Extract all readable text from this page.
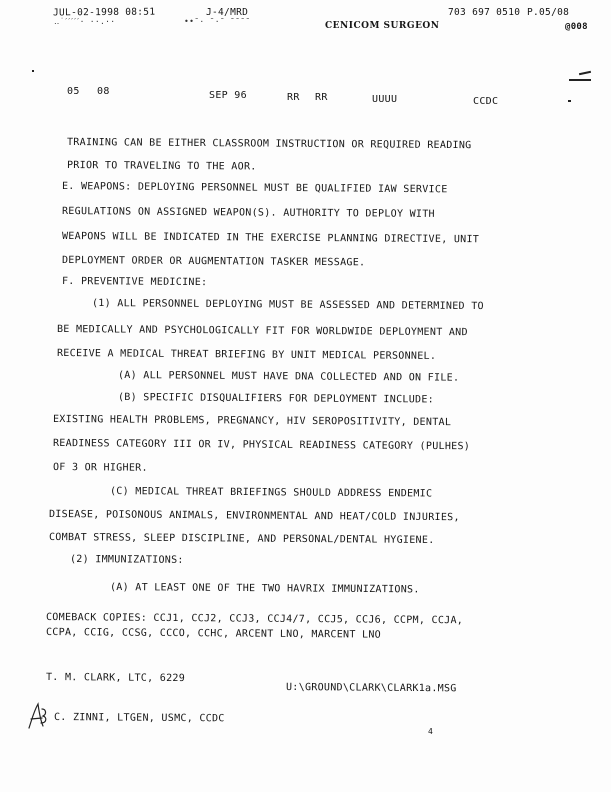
JUL-02-1998 08:51	J-4/MRD	703 697 0510 P.05/08
‥˙ˊˊˊˊˊ· ··.··	••ˉ· ˉ·ˉ ˉˉˉˉ	CENICOM SURGEON	@008
05 08	SEP 96	RR RR	UUUU	CCDC
TRAINING CAN BE EITHER CLASSROOM INSTRUCTION OR REQUIRED READING
PRIOR TO TRAVELING TO THE AOR.
E. WEAPONS: DEPLOYING PERSONNEL MUST BE QUALIFIED IAW SERVICE
REGULATIONS ON ASSIGNED WEAPON(S). AUTHORITY TO DEPLOY WITH
WEAPONS WILL BE INDICATED IN THE EXERCISE PLANNING DIRECTIVE, UNIT
DEPLOYMENT ORDER OR AUGMENTATION TASKER MESSAGE.
F. PREVENTIVE MEDICINE:
(1) ALL PERSONNEL DEPLOYING MUST BE ASSESSED AND DETERMINED TO
BE MEDICALLY AND PSYCHOLOGICALLY FIT FOR WORLDWIDE DEPLOYMENT AND
RECEIVE A MEDICAL THREAT BRIEFING BY UNIT MEDICAL PERSONNEL.
(A) ALL PERSONNEL MUST HAVE DNA COLLECTED AND ON FILE.
(B) SPECIFIC DISQUALIFIERS FOR DEPLOYMENT INCLUDE:
EXISTING HEALTH PROBLEMS, PREGNANCY, HIV SEROPOSITIVITY, DENTAL
READINESS CATEGORY III OR IV, PHYSICAL READINESS CATEGORY (PULHES)
OF 3 OR HIGHER.
(C) MEDICAL THREAT BRIEFINGS SHOULD ADDRESS ENDEMIC
DISEASE, POISONOUS ANIMALS, ENVIRONMENTAL AND HEAT/COLD INJURIES,
COMBAT STRESS, SLEEP DISCIPLINE, AND PERSONAL/DENTAL HYGIENE.
(2) IMMUNIZATIONS:
(A) AT LEAST ONE OF THE TWO HAVRIX IMMUNIZATIONS.
COMEBACK COPIES: CCJ1, CCJ2, CCJ3, CCJ4/7, CCJ5, CCJ6, CCPM, CCJA,
CCPA, CCIG, CCSG, CCCO, CCHC, ARCENT LNO, MARCENT LNO
T. M. CLARK, LTC, 6229
U:\GROUND\CLARK\CLARK1a.MSG
C. ZINNI, LTGEN, USMC, CCDC
4
